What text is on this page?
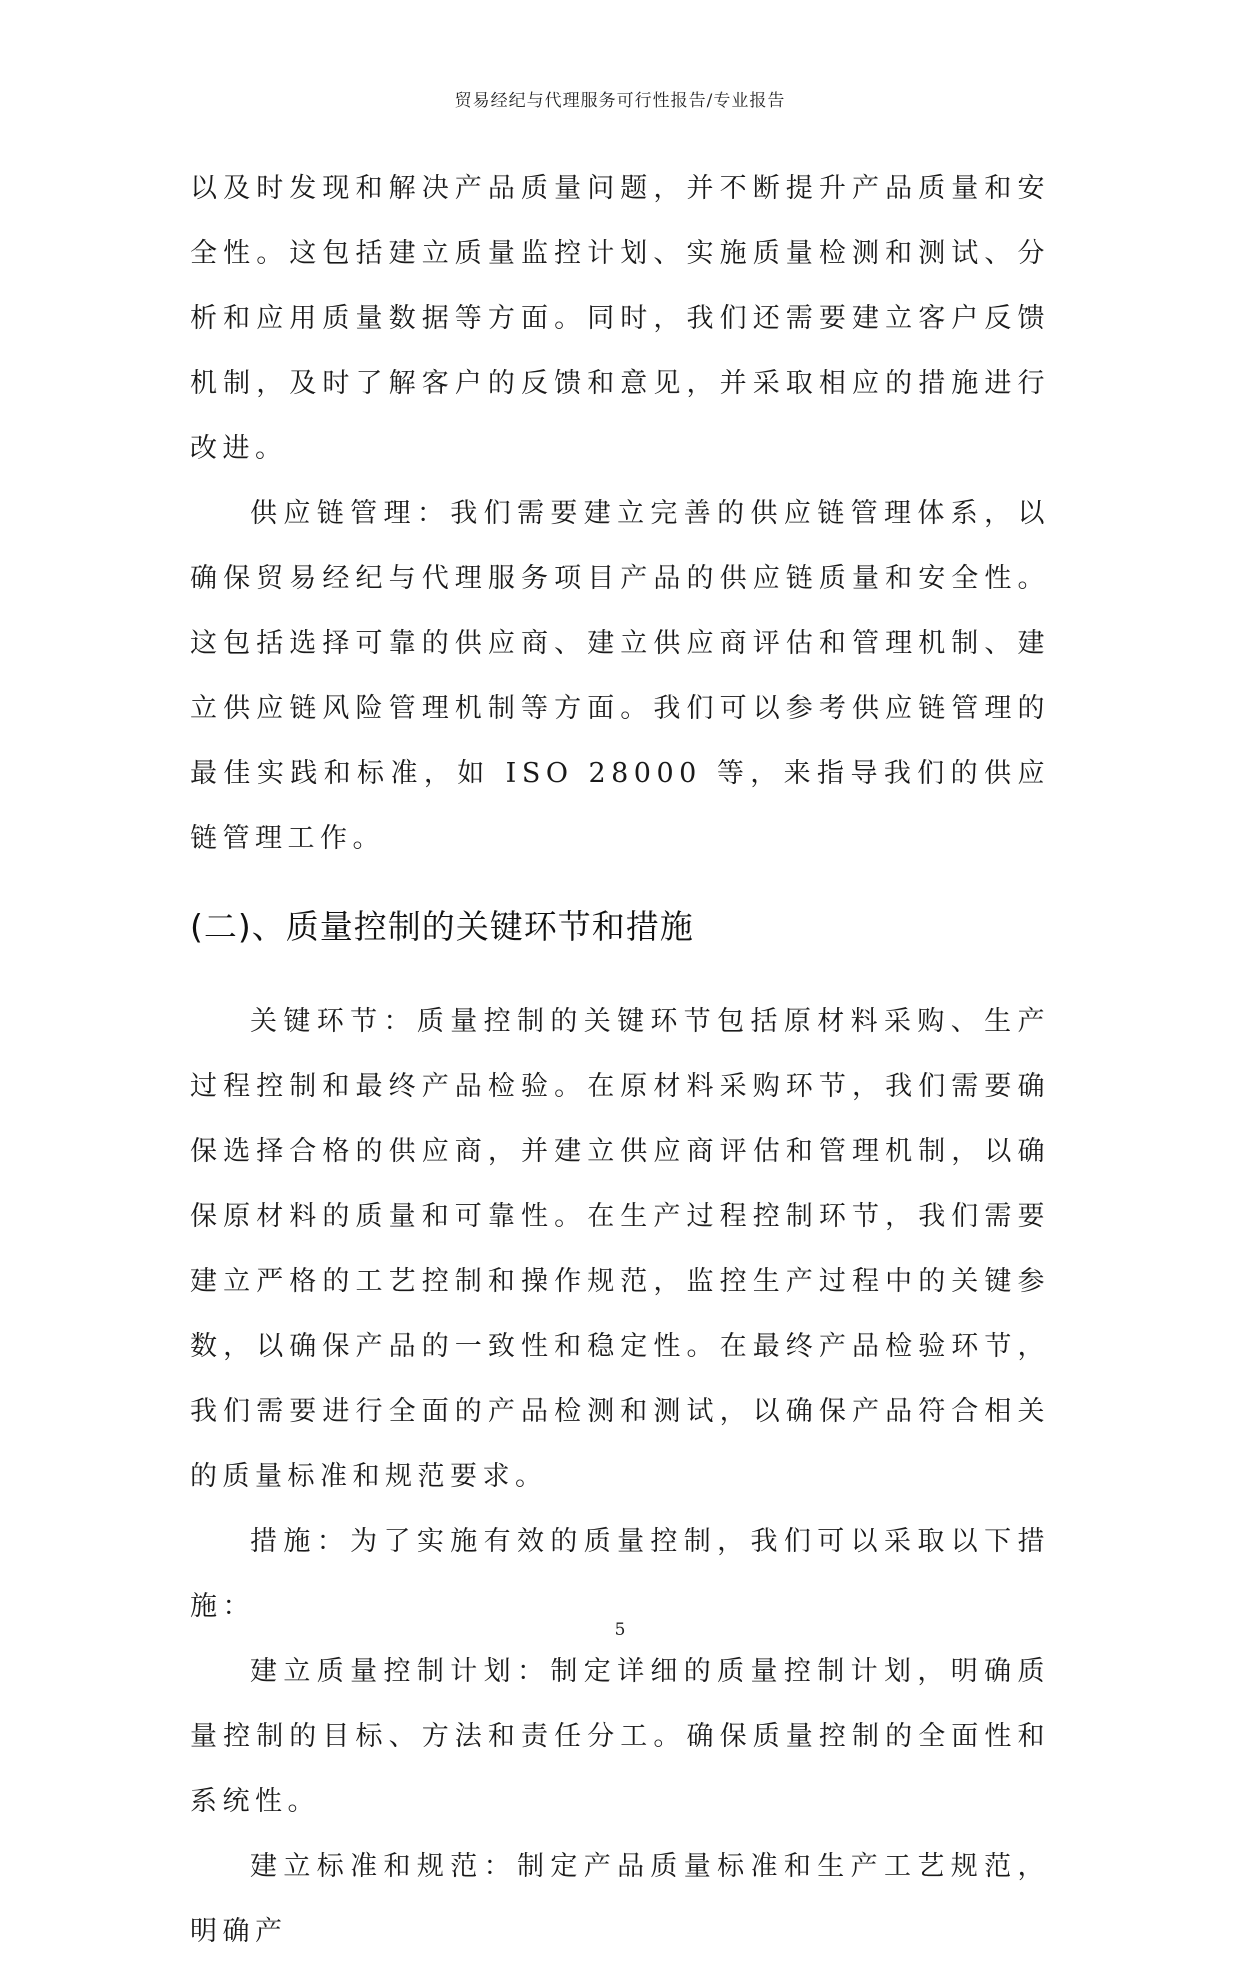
贸易经纪与代理服务可行性报告/专业报告

以及时发现和解决产品质量问题，并不断提升产品质量和安全性。这包括建立质量监控计划、实施质量检测和测试、分析和应用质量数据等方面。同时，我们还需要建立客户反馈机制，及时了解客户的反馈和意见，并采取相应的措施进行改进。

供应链管理：我们需要建立完善的供应链管理体系，以确保贸易经纪与代理服务项目产品的供应链质量和安全性。这包括选择可靠的供应商、建立供应商评估和管理机制、建立供应链风险管理机制等方面。我们可以参考供应链管理的最佳实践和标准，如 ISO 28000 等，来指导我们的供应链管理工作。

(二)、质量控制的关键环节和措施

关键环节：质量控制的关键环节包括原材料采购、生产过程控制和最终产品检验。在原材料采购环节，我们需要确保选择合格的供应商，并建立供应商评估和管理机制，以确保原材料的质量和可靠性。在生产过程控制环节，我们需要建立严格的工艺控制和操作规范，监控生产过程中的关键参数，以确保产品的一致性和稳定性。在最终产品检验环节，我们需要进行全面的产品检测和测试，以确保产品符合相关的质量标准和规范要求。

措施：为了实施有效的质量控制，我们可以采取以下措施：

建立质量控制计划：制定详细的质量控制计划，明确质量控制的目标、方法和责任分工。确保质量控制的全面性和系统性。

建立标准和规范：制定产品质量标准和生产工艺规范，明确产

5
